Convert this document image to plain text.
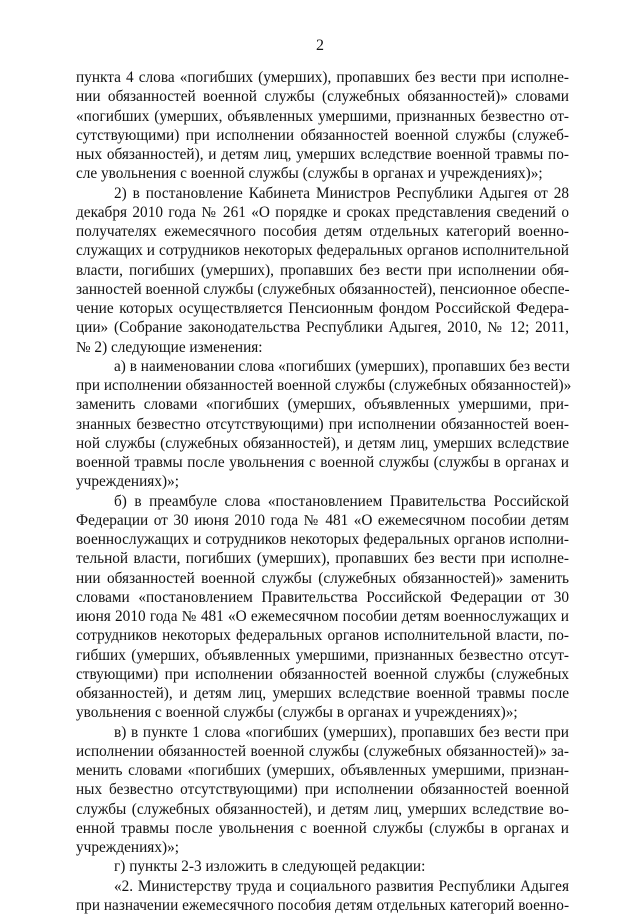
2
пункта 4 слова «погибших (умерших), пропавших без вести при исполне-
нии обязанностей военной службы (служебных обязанностей)» словами
«погибших (умерших, объявленных умершими, признанных безвестно от-
сутствующими) при исполнении обязанностей военной службы (служеб-
ных обязанностей), и детям лиц, умерших вследствие военной травмы по-
сле увольнения с военной службы (службы в органах и учреждениях)»;
2) в постановление Кабинета Министров Республики Адыгея от 28
декабря 2010 года № 261 «О порядке и сроках представления сведений о
получателях ежемесячного пособия детям отдельных категорий военно-
служащих и сотрудников некоторых федеральных органов исполнительной
власти, погибших (умерших), пропавших без вести при исполнении обя-
занностей военной службы (служебных обязанностей), пенсионное обеспе-
чение которых осуществляется Пенсионным фондом Российской Федера-
ции» (Собрание законодательства Республики Адыгея, 2010, № 12; 2011,
№ 2) следующие изменения:
а) в наименовании слова «погибших (умерших), пропавших без вести
при исполнении обязанностей военной службы (служебных обязанностей)»
заменить словами «погибших (умерших, объявленных умершими, при-
знанных безвестно отсутствующими) при исполнении обязанностей воен-
ной службы (служебных обязанностей), и детям лиц, умерших вследствие
военной травмы после увольнения с военной службы (службы в органах и
учреждениях)»;
б) в преамбуле слова «постановлением Правительства Российской
Федерации от 30 июня 2010 года № 481 «О ежемесячном пособии детям
военнослужащих и сотрудников некоторых федеральных органов исполни-
тельной власти, погибших (умерших), пропавших без вести при исполне-
нии обязанностей военной службы (служебных обязанностей)» заменить
словами «постановлением Правительства Российской Федерации от 30
июня 2010 года № 481 «О ежемесячном пособии детям военнослужащих и
сотрудников некоторых федеральных органов исполнительной власти, по-
гибших (умерших, объявленных умершими, признанных безвестно отсут-
ствующими) при исполнении обязанностей военной службы (служебных
обязанностей), и детям лиц, умерших вследствие военной травмы после
увольнения с военной службы (службы в органах и учреждениях)»;
в) в пункте 1 слова «погибших (умерших), пропавших без вести при
исполнении обязанностей военной службы (служебных обязанностей)» за-
менить словами «погибших (умерших, объявленных умершими, признан-
ных безвестно отсутствующими) при исполнении обязанностей военной
службы (служебных обязанностей), и детям лиц, умерших вследствие во-
енной травмы после увольнения с военной службы (службы в органах и
учреждениях)»;
г) пункты 2-3 изложить в следующей редакции:
«2. Министерству труда и социального развития Республики Адыгея
при назначении ежемесячного пособия детям отдельных категорий военно-
